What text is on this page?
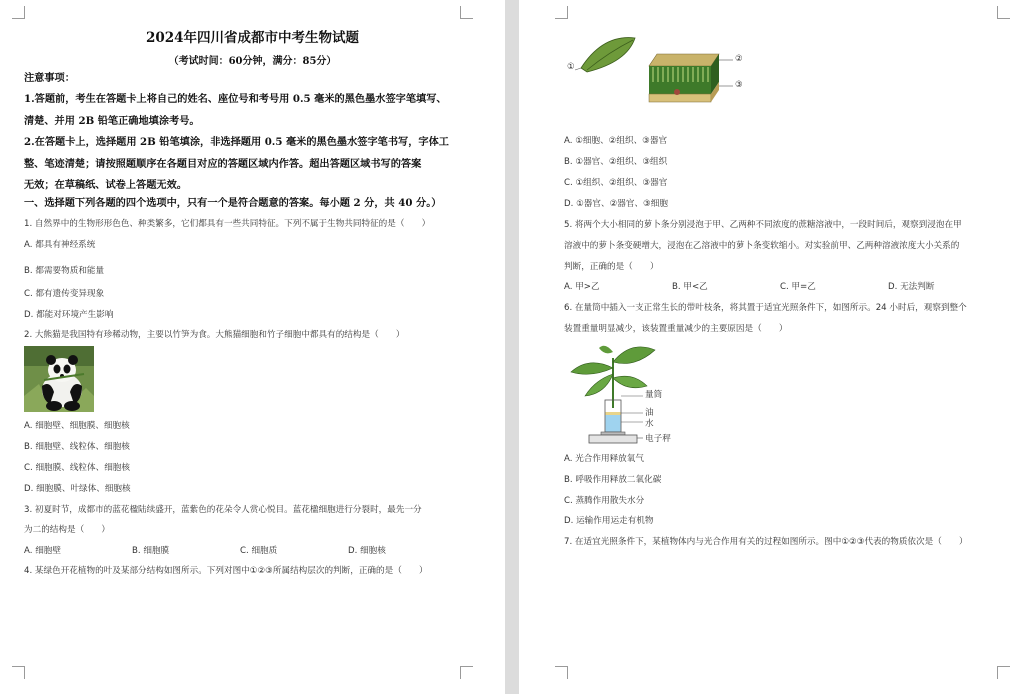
2024年四川省成都市中考生物试题
（考试时间：60分钟，满分：85分）
注意事项：
1.答题前，考生在答题卡上将自己的姓名、座位号和考号用 0.5 毫米的黑色墨水签字笔填写、
清楚、并用 2B 铅笔正确地填涂考号。
2.在答题卡上，选择题用 2B 铅笔填涂，非选择题用 0.5 毫米的黑色墨水签字笔书写，字体工
整、笔迹清楚；请按照题顺序在各题目对应的答题区域内作答。超出答题区域书写的答案
无效；在草稿纸、试卷上答题无效。
一、选择题下列各题的四个选项中，只有一个是符合题意的答案。每小题 2 分，共 40 分。）
1. 自然界中的生物形形色色、种类繁多，它们都具有一些共同特征。下列不属于生物共同特征的是（　　）
A. 都具有神经系统
B. 都需要物质和能量
C. 都有遗传变异现象
D. 都能对环境产生影响
2. 大熊猫是我国特有珍稀动物，主要以竹笋为食。大熊猫细胞和竹子细胞中都具有的结构是（　　）
A. 细胞壁、细胞膜、细胞核
B. 细胞壁、线粒体、细胞核
C. 细胞膜、线粒体、细胞核
D. 细胞膜、叶绿体、细胞核
3. 初夏时节，成都市的蓝花楹陆续盛开，蓝紫色的花朵令人赏心悦目。蓝花楹细胞进行分裂时，最先一分
为二的结构是（　　）
A. 细胞壁	B. 细胞膜	C. 细胞质	D. 细胞核
4. 某绿色开花植物的叶及某部分结构如图所示。下列对图中①②③所属结构层次的判断，正确的是（　　）
①
②
③
A. ①细胞、②组织、③器官
B. ①器官、②组织、③组织
C. ①组织、②组织、③器官
D. ①器官、②器官、③细胞
5. 将两个大小相同的萝卜条分别浸泡于甲、乙两种不同浓度的蔗糖溶液中，一段时间后，观察到浸泡在甲
溶液中的萝卜条变硬增大，浸泡在乙溶液中的萝卜条变软缩小。对实验前甲、乙两种溶液浓度大小关系的
判断，正确的是（　　）
A. 甲>乙	B. 甲<乙	C. 甲=乙	D. 无法判断
6. 在量筒中插入一支正常生长的带叶枝条，将其置于适宜光照条件下，如图所示。24 小时后，观察到整个
装置重量明显减少，该装置重量减少的主要原因是（　　）
量筒
油
水
电子秤
A. 光合作用释放氧气
B. 呼吸作用释放二氧化碳
C. 蒸腾作用散失水分
D. 运输作用运走有机物
7. 在适宜光照条件下，某植物体内与光合作用有关的过程如图所示。图中①②③代表的物质依次是（　　）
